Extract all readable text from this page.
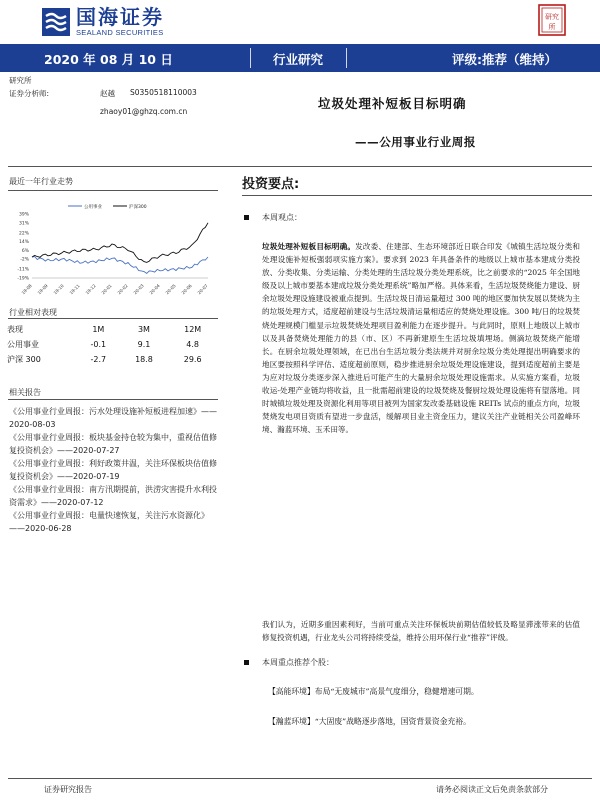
国海证券
SEALAND SECURITIES
研究
所
2020 年 08 月 10 日	行业研究	评级:推荐（维持）
研究所
证券分析师:	赵越 S0350518110003
zhaoy01@ghzq.com.cn
垃圾处理补短板目标明确
——公用事业行业周报
最近一年行业走势
公用事业	沪深300
39%
31%
22%
14%
6%
-2%
-11%
-19%
19-08 19-09 19-10 19-11 19-12 20-01 20-02 20-03 20-04 20-05 20-06 20-07
行业相对表现
表现	1M	3M	12M
公用事业	-0.1	9.1	4.8
沪深 300	-2.7	18.8	29.6
相关报告
《公用事业行业周报：污水处理设施补短板进程加速》——2020-08-03
《公用事业行业周报：板块基金持仓较为集中，重视估值修复投资机会》——2020-07-27
《公用事业行业周报：利好政策井温，关注环保板块估值修复投资机会》——2020-07-19
《公用事业行业周报：南方汛期提前，洪涝灾害提升水利投资需求》——2020-07-12
《公用事业行业周报：电量快速恢复，关注污水资源化》——2020-06-28
投资要点:
本周观点：
垃圾处理补短板目标明确。发改委、住建部、生态环境部近日联合印发《城镇生活垃圾分类和处理设施补短板强弱项实施方案》。要求到 2023 年具备条件的地级以上城市基本建成分类投放、分类收集、分类运输、分类处理的生活垃圾分类处理系统，比之前要求的“2025 年全国地级及以上城市要基本建成垃圾分类处理系统”略加严格。具体来看，生活垃圾焚烧能力建设、厨余垃圾处理设施建设被重点提到。生活垃圾日清运量超过 300 吨的地区要加快发展以焚烧为主的垃圾处理方式，适度超前建设与生活垃圾清运量相适应的焚烧处理设施。300 吨/日的垃圾焚烧处理规模门槛显示垃圾焚烧处理项目盈利能力在逐步提升。与此同时，原则上地级以上城市以及具备焚烧处理能力的县（市、区）不再新建原生生活垃圾填埋场。侧滴垃圾焚烧产能增长。在厨余垃圾处理领域，在已出台生活垃圾分类法规并对厨余垃圾分类处理提出明确要求的地区要按照科学评估、适度超前原则，稳步推进厨余垃圾处理设施建设，提到适度超前主要是为应对垃圾分类逐步深入推进后可能产生的大量厨余垃圾处理设施需求。从实施方案看，垃圾收运-处理产业链均将收益，且一批需超前建设的垃圾焚烧及餐厨垃圾处理设施将有望落地。同时城镇垃圾处理及资源化利用等项目被列为国家发改委基础设施 REITs 试点的重点方向，垃圾焚烧发电项目资质有望进一步盘活，缓解项目业主资金压力，建议关注产业链相关公司盈峰环境、瀚蓝环境、玉禾田等。
我们认为，近期多重因素利好，当前可重点关注环保板块前期估值较低及略显滞涨带来的估值修复投资机遇，行业龙头公司将持续受益，维持公用环保行业“推荐”评级。
本周重点推荐个股：
【高能环境】布局“无废城市”高景气度细分，稳健增速可期。
【瀚蓝环境】“大固废”战略逐步落地，国资背景资金充裕。
证券研究报告	请务必阅读正文后免责条款部分
